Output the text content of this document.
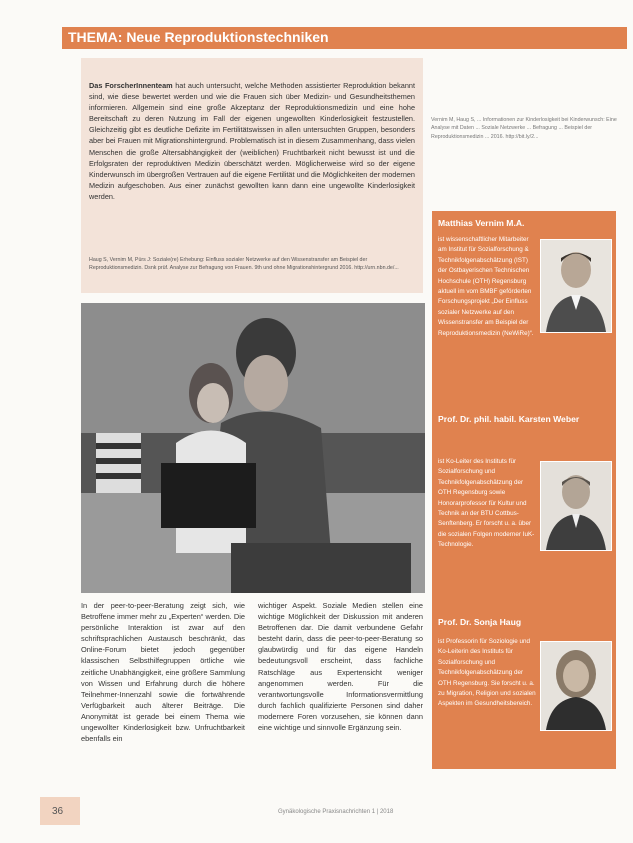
THEMA: Neue Reproduktionstechniken
Das ForscherInnenteam hat auch untersucht, welche Methoden assistierter Reproduktion bekannt sind, wie diese bewertet werden und wie die Frauen sich über Medizin- und Gesundheitsthemen informieren. Allgemein sind eine große Akzeptanz der Reproduktionsmedizin und eine hohe Bereitschaft zu deren Nutzung im Fall der eigenen ungewollten Kinderlosigkeit festzustellen. Gleichzeitig gibt es deutliche Defizite im Fertilitätswissen in allen untersuchten Gruppen, besonders aber bei Frauen mit Migrationshintergrund. Problematisch ist in diesem Zusammenhang, dass vielen Menschen die große Altersabhängigkeit der (weiblichen) Fruchtbarkeit nicht bewusst ist und die Erfolgsraten der reproduktiven Medizin überschätzt werden. Möglicherweise wird so der eigene Kinderwunsch im übergroßen Vertrauen auf die eigene Fertilität und die Möglichkeiten der modernen Medizin aufgeschoben. Aus einer zunächst gewollten kann dann eine ungewollte Kinderlosigkeit werden.
Haug S, Vernim M, Pürs J: Soziale(re) Erhebung: Einfluss sozialer Netzwerke auf den Wissenstransfer am Beispiel der Reproduktionsmedizin. Dsnk prüf. Analyse zur Befragung von Frauen. 9th und ohne Migrationshintergrund 2016. http://urn.nbn.de/...
Vernim M, Haug S, ... Informationen zur Kinderlosigkeit bei Kinderwunsch: Eine Analyse mit Daten ... Soziale Netzwerke ... Befragung ... Beispiel der Reproduktionsmedizin ... 2016. http://bit.ly/2...
In der peer-to-peer-Beratung zeigt sich, wie Betroffene immer mehr zu „Experten“ werden. Die persönliche Interaktion ist zwar auf den schriftsprachlichen Austausch beschränkt, das Online-Forum bietet jedoch gegenüber klassischen Selbsthilfegruppen örtliche wie zeitliche Unabhängigkeit, eine größere Sammlung von Wissen und Erfahrung durch die höhere Teilnehmer-Innenzahl sowie die fortwährende Verfügbarkeit auch älterer Beiträge. Die Anonymität ist gerade bei einem Thema wie ungewollter Kinderlosigkeit bzw. Unfruchtbarkeit ebenfalls ein
wichtiger Aspekt. Soziale Medien stellen eine wichtige Möglichkeit der Diskussion mit anderen Betroffenen dar. Die damit verbundene Gefahr besteht darin, dass die peer-to-peer-Beratung so glaubwürdig und für das eigene Handeln bedeutungsvoll erscheint, dass fachliche Ratschläge aus Expertensicht weniger angenommen werden. Für die verantwortungsvolle Informationsvermittlung durch fachlich qualifizierte Personen sind daher modernere Foren vorzusehen, sie können dann eine wichtige und sinnvolle Ergänzung sein.
Matthias Vernim M.A.
ist wissenschaftlicher Mitarbeiter am Institut für Sozialforschung & Technikfolgenabschätzung (IST) der Ostbayerischen Technischen Hochschule (OTH) Regensburg aktuell im vom BMBF geförderten Forschungsprojekt „Der Einfluss sozialer Netzwerke auf den Wissenstransfer am Beispiel der Reproduktionsmedizin (NeWiRe)“.
Prof. Dr. phil. habil. Karsten Weber
ist Ko-Leiter des Instituts für Sozialforschung und Technikfolgenabschätzung der OTH Regensburg sowie Honorarprofessor für Kultur und Technik an der BTU Cottbus-Senftenberg. Er forscht u. a. über die sozialen Folgen moderner IuK-Technologie.
Prof. Dr. Sonja Haug
ist Professorin für Soziologie und Ko-Leiterin des Instituts für Sozialforschung und Technikfolgenabschätzung der OTH Regensburg. Sie forscht u. a. zu Migration, Religion und sozialen Aspekten im Gesundheitsbereich.
36	Gynäkologische Praxisnachrichten 1 | 2018
